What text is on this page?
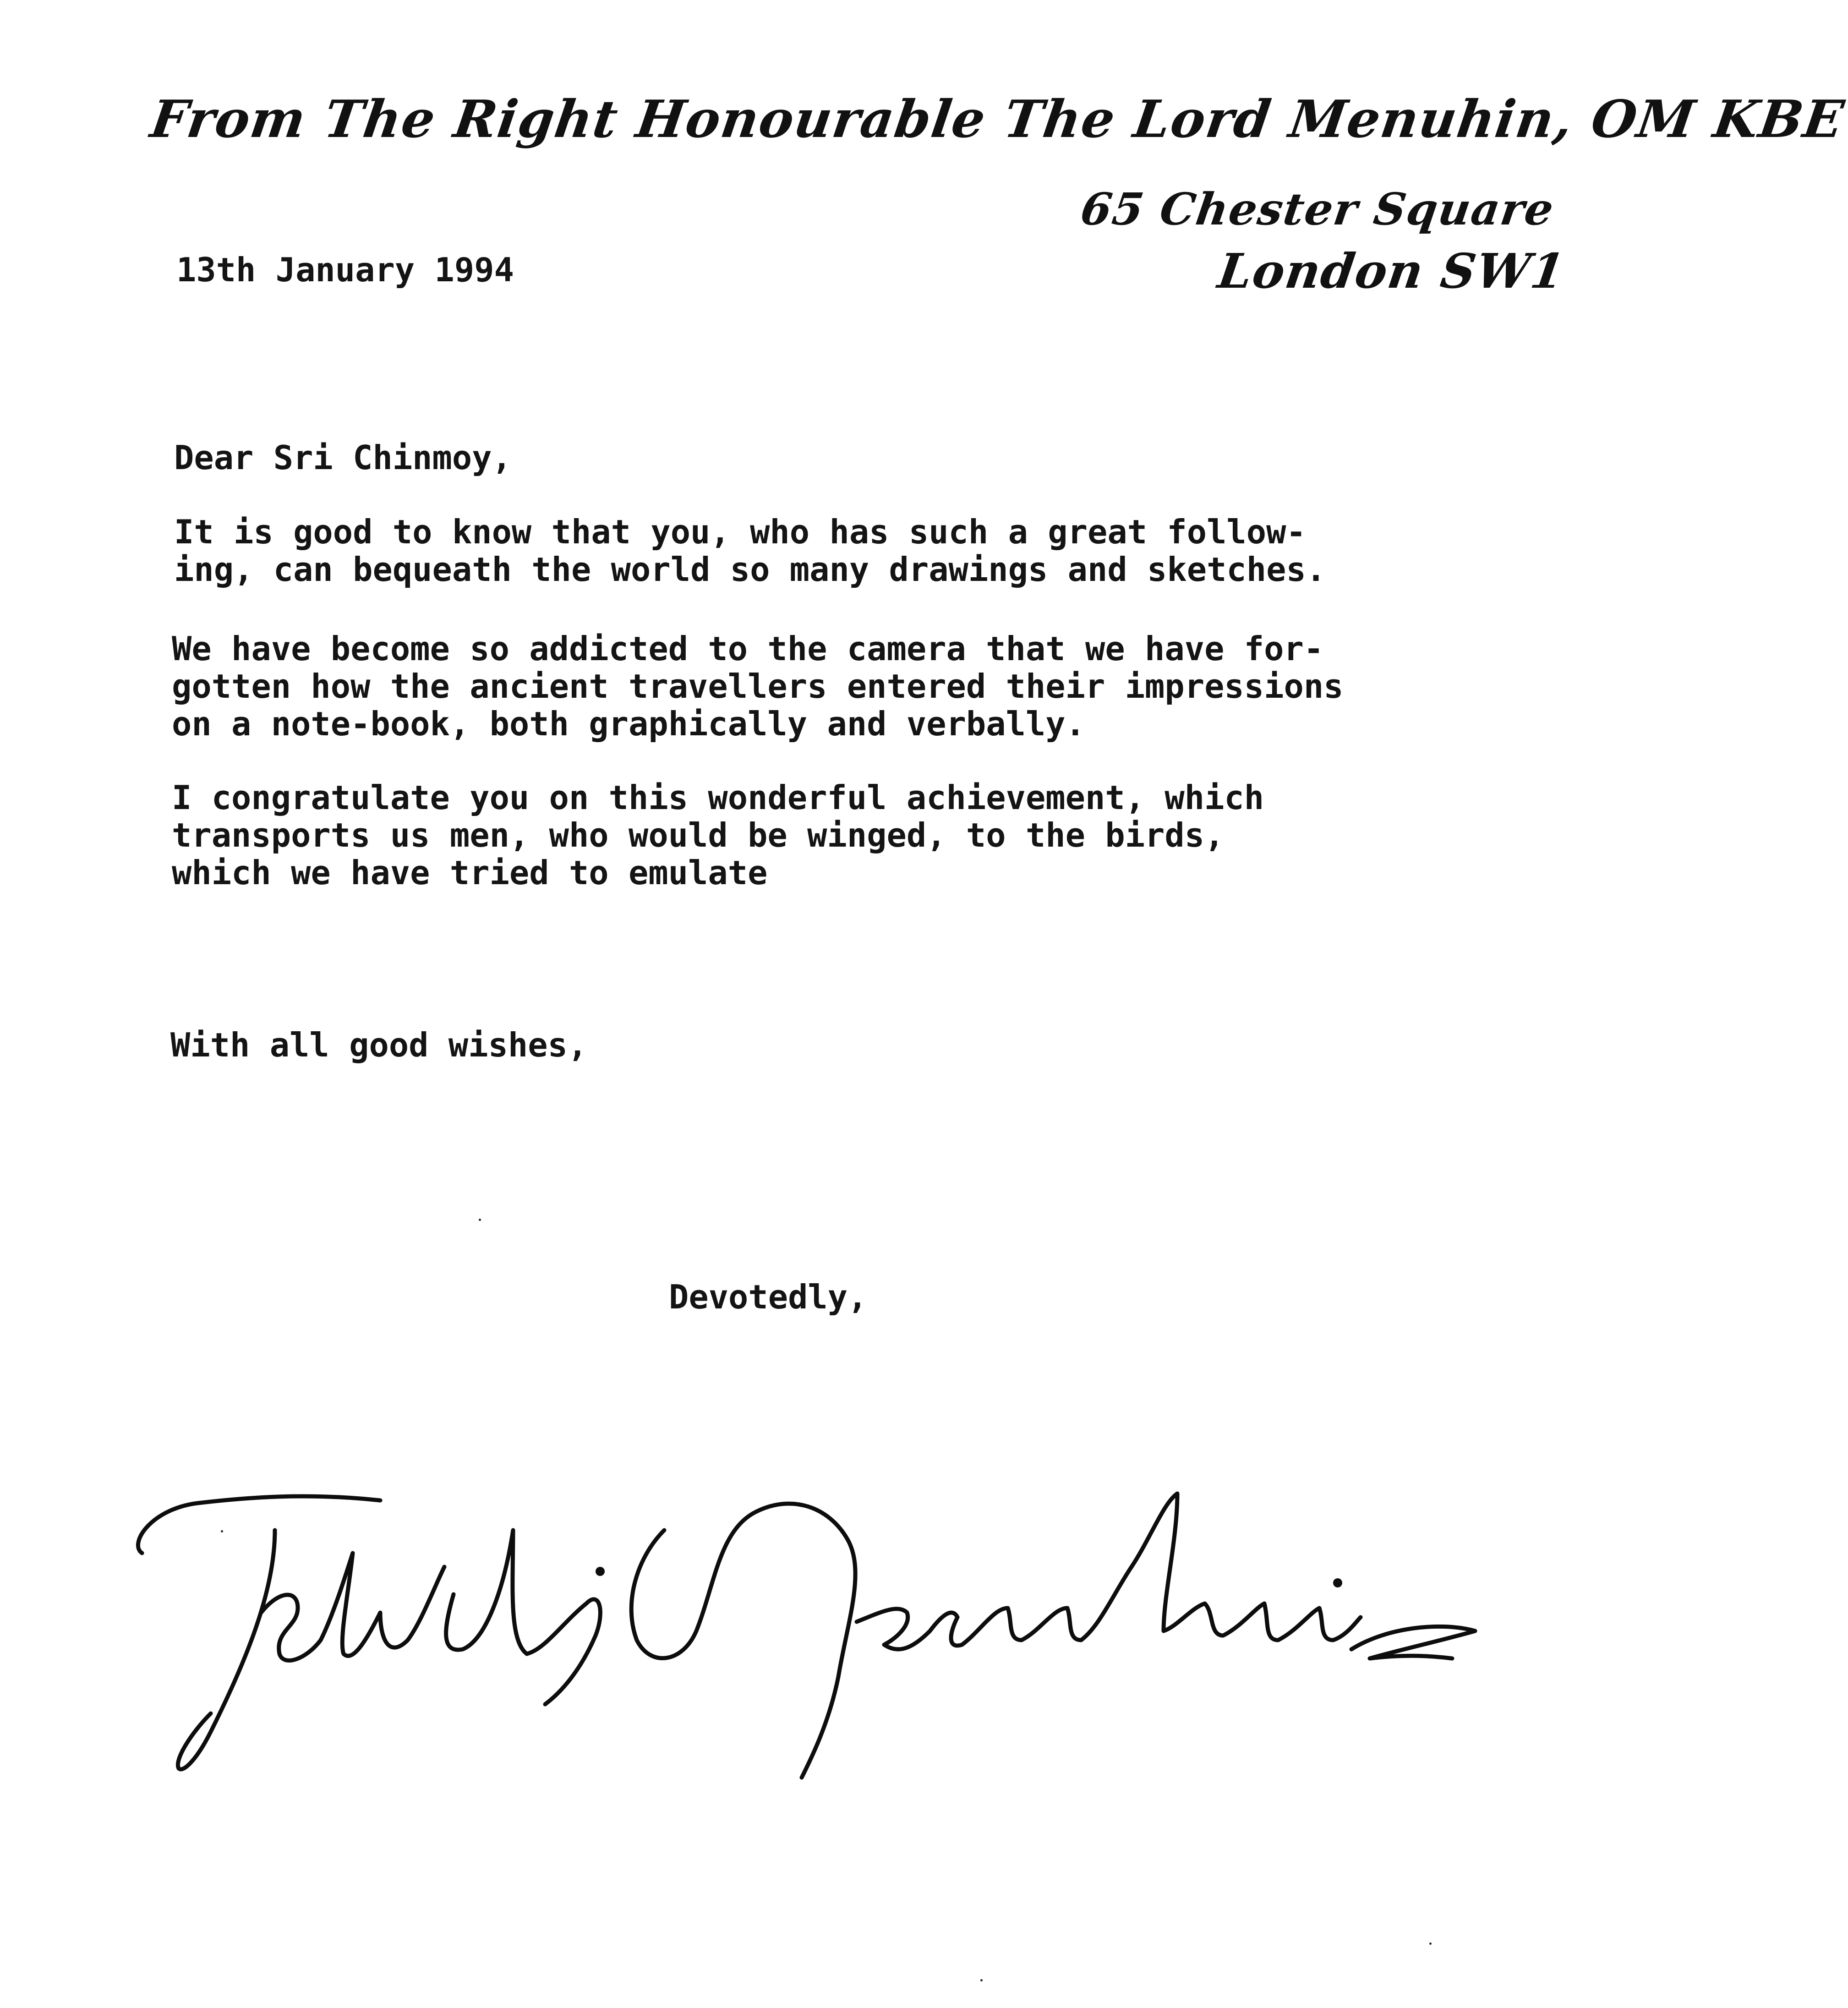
From The Right Honourable The Lord Menuhin, OM KBE
65 Chester Square
London SW1

13th January 1994

Dear Sri Chinmoy,

It is good to know that you, who has such a great follow-
ing, can bequeath the world so many drawings and sketches.

We have become so addicted to the camera that we have for-
gotten how the ancient travellers entered their impressions
on a note-book, both graphically and verbally.

I congratulate you on this wonderful achievement, which
transports us men, who would be winged, to the birds,
which we have tried to emulate

With all good wishes,

Devotedly,
